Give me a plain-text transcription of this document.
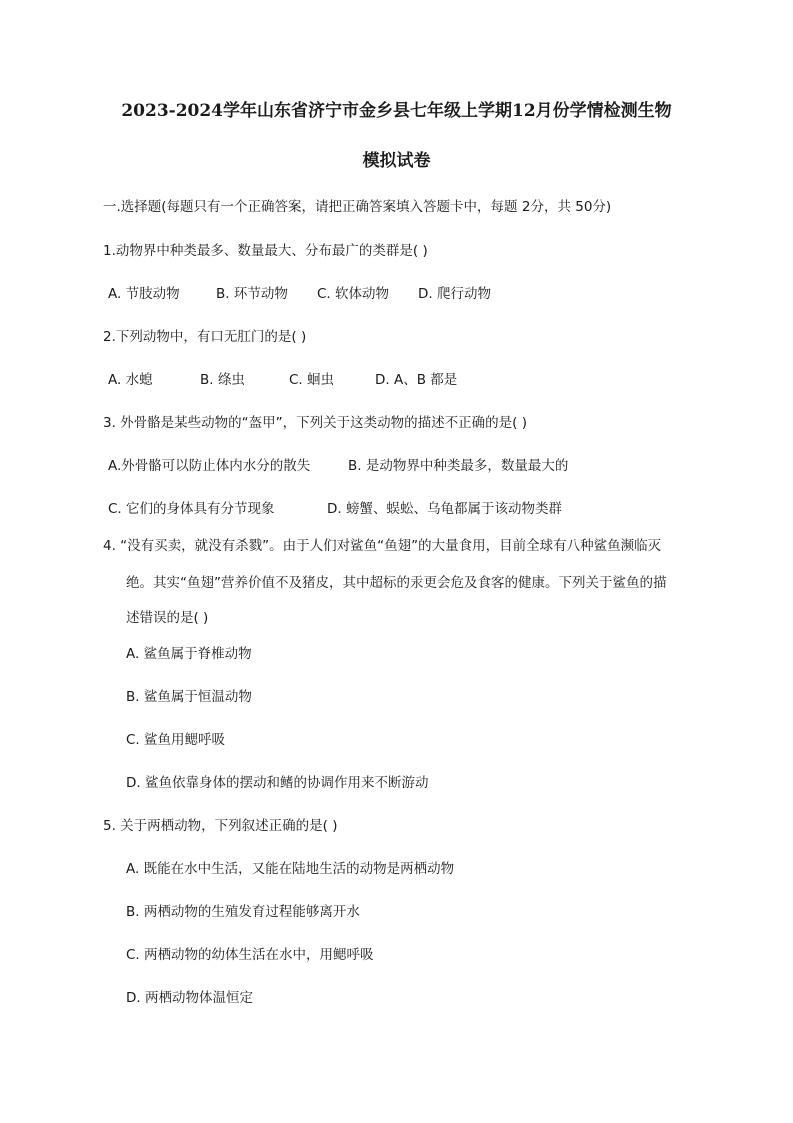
2023-2024学年山东省济宁市金乡县七年级上学期12月份学情检测生物
模拟试卷
一.选择题(每题只有一个正确答案，请把正确答案填入答题卡中，每题 2分，共 50分)
1.动物界中种类最多、数量最大、分布最广的类群是( )
A. 节肢动物	B. 环节动物 C. 软体动物 D. 爬行动物
2.下列动物中，有口无肛门的是( )
A. 水螅	B. 绦虫	C. 蛔虫	D. A、B 都是
3. 外骨骼是某些动物的“盔甲”，下列关于这类动物的描述不正确的是( )
A.外骨骼可以防止体内水分的散失	B. 是动物界中种类最多，数量最大的
C. 它们的身体具有分节现象	D. 螃蟹、蜈蚣、乌龟都属于该动物类群
4. “没有买卖，就没有杀戮”。由于人们对鲨鱼“鱼翅”的大量食用，目前全球有八种鲨鱼濒临灭
绝。其实“鱼翅”营养价值不及猪皮，其中超标的汞更会危及食客的健康。下列关于鲨鱼的描
述错误的是( )
A. 鲨鱼属于脊椎动物
B. 鲨鱼属于恒温动物
C. 鲨鱼用鳃呼吸
D. 鲨鱼依靠身体的摆动和鳍的协调作用来不断游动
5. 关于两栖动物，下列叙述正确的是( )
A. 既能在水中生活，又能在陆地生活的动物是两栖动物
B. 两栖动物的生殖发育过程能够离开水
C. 两栖动物的幼体生活在水中，用鳃呼吸
D. 两栖动物体温恒定
